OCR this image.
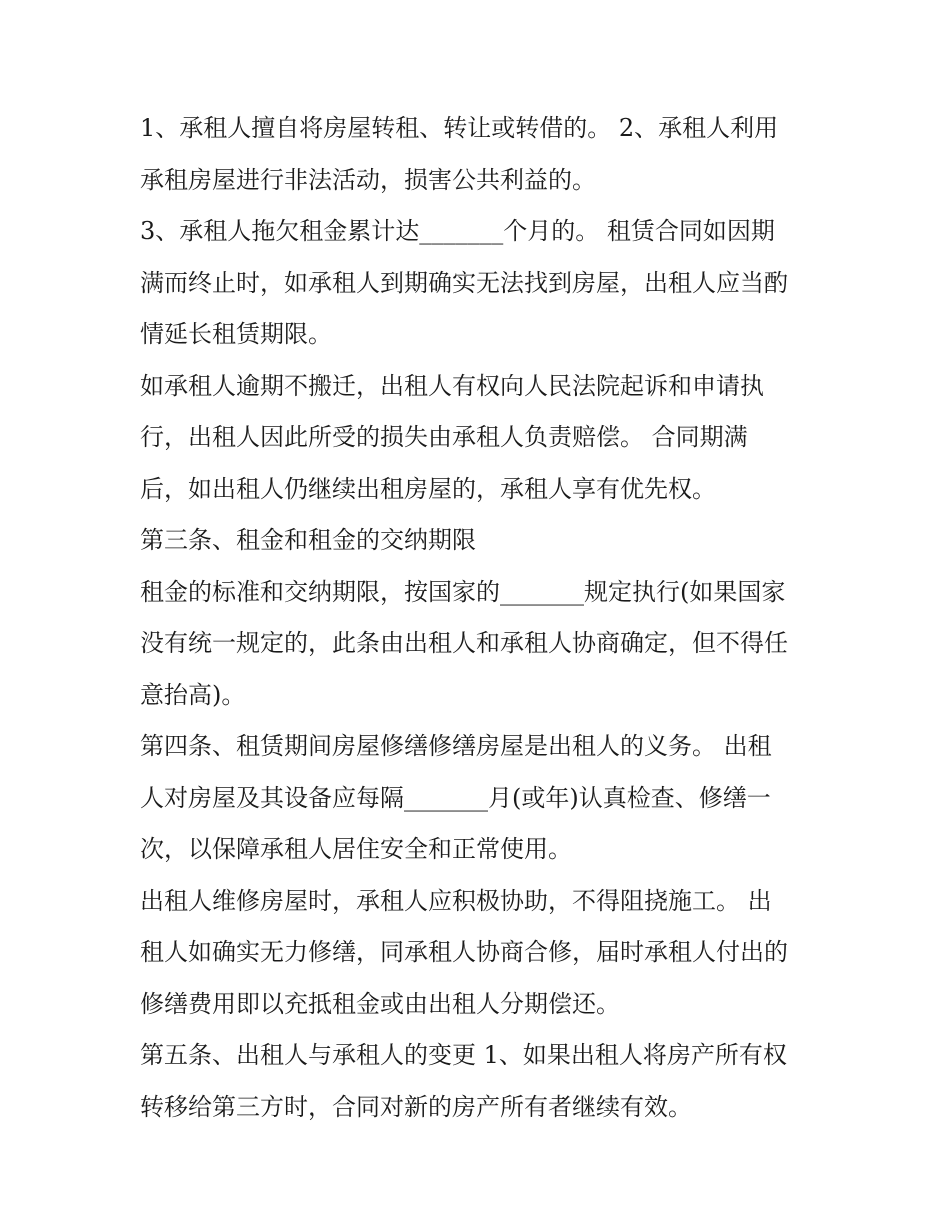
1、承租人擅自将房屋转租、转让或转借的。 2、承租人利用
承租房屋进行非法活动，损害公共利益的。
3、承租人拖欠租金累计达_______个月的。 租赁合同如因期
满而终止时，如承租人到期确实无法找到房屋，出租人应当酌
情延长租赁期限。
如承租人逾期不搬迁，出租人有权向人民法院起诉和申请执
行，出租人因此所受的损失由承租人负责赔偿。 合同期满
后，如出租人仍继续出租房屋的，承租人享有优先权。
第三条、租金和租金的交纳期限
租金的标准和交纳期限，按国家的_______规定执行(如果国家
没有统一规定的，此条由出租人和承租人协商确定，但不得任
意抬高)。
第四条、租赁期间房屋修缮修缮房屋是出租人的义务。 出租
人对房屋及其设备应每隔_______月(或年)认真检查、修缮一
次，以保障承租人居住安全和正常使用。
出租人维修房屋时，承租人应积极协助，不得阻挠施工。 出
租人如确实无力修缮，同承租人协商合修，届时承租人付出的
修缮费用即以充抵租金或由出租人分期偿还。
第五条、出租人与承租人的变更 1、如果出租人将房产所有权
转移给第三方时，合同对新的房产所有者继续有效。
